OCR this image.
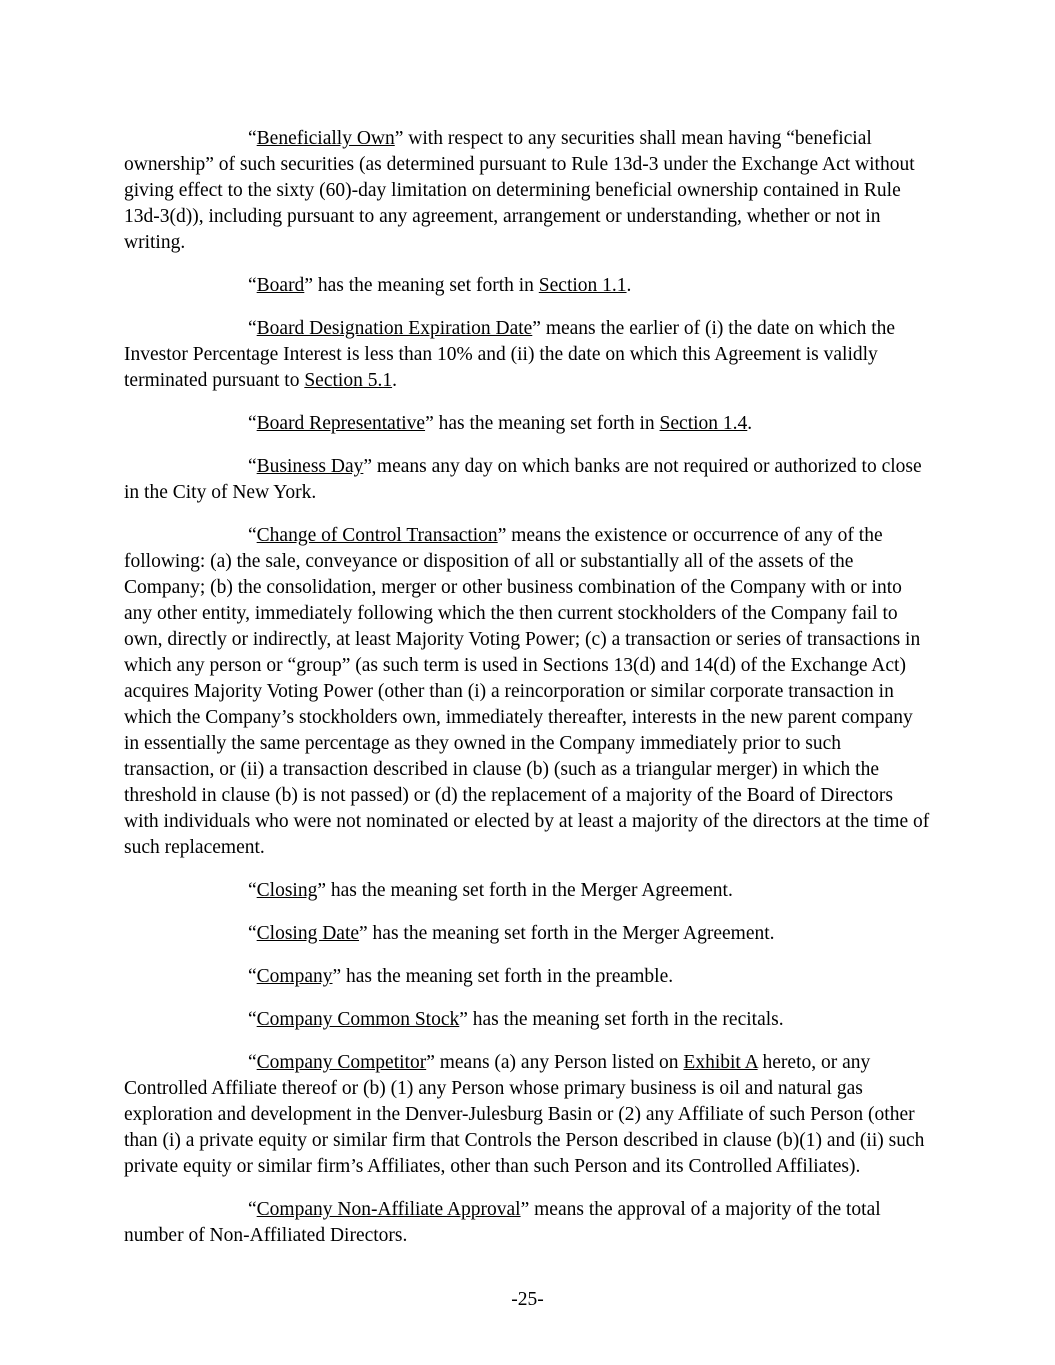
“Beneficially Own” with respect to any securities shall mean having “beneficial ownership” of such securities (as determined pursuant to Rule 13d-3 under the Exchange Act without giving effect to the sixty (60)-day limitation on determining beneficial ownership contained in Rule 13d-3(d)), including pursuant to any agreement, arrangement or understanding, whether or not in writing.

“Board” has the meaning set forth in Section 1.1.

“Board Designation Expiration Date” means the earlier of (i) the date on which the Investor Percentage Interest is less than 10% and (ii) the date on which this Agreement is validly terminated pursuant to Section 5.1.

“Board Representative” has the meaning set forth in Section 1.4.

“Business Day” means any day on which banks are not required or authorized to close in the City of New York.

“Change of Control Transaction” means the existence or occurrence of any of the following: (a) the sale, conveyance or disposition of all or substantially all of the assets of the Company; (b) the consolidation, merger or other business combination of the Company with or into any other entity, immediately following which the then current stockholders of the Company fail to own, directly or indirectly, at least Majority Voting Power; (c) a transaction or series of transactions in which any person or “group” (as such term is used in Sections 13(d) and 14(d) of the Exchange Act) acquires Majority Voting Power (other than (i) a reincorporation or similar corporate transaction in which the Company’s stockholders own, immediately thereafter, interests in the new parent company in essentially the same percentage as they owned in the Company immediately prior to such transaction, or (ii) a transaction described in clause (b) (such as a triangular merger) in which the threshold in clause (b) is not passed) or (d) the replacement of a majority of the Board of Directors with individuals who were not nominated or elected by at least a majority of the directors at the time of such replacement.

“Closing” has the meaning set forth in the Merger Agreement.

“Closing Date” has the meaning set forth in the Merger Agreement.

“Company” has the meaning set forth in the preamble.

“Company Common Stock” has the meaning set forth in the recitals.

“Company Competitor” means (a) any Person listed on Exhibit A hereto, or any Controlled Affiliate thereof or (b) (1) any Person whose primary business is oil and natural gas exploration and development in the Denver-Julesburg Basin or (2) any Affiliate of such Person (other than (i) a private equity or similar firm that Controls the Person described in clause (b)(1) and (ii) such private equity or similar firm’s Affiliates, other than such Person and its Controlled Affiliates).

“Company Non-Affiliate Approval” means the approval of a majority of the total number of Non-Affiliated Directors.

-25-
